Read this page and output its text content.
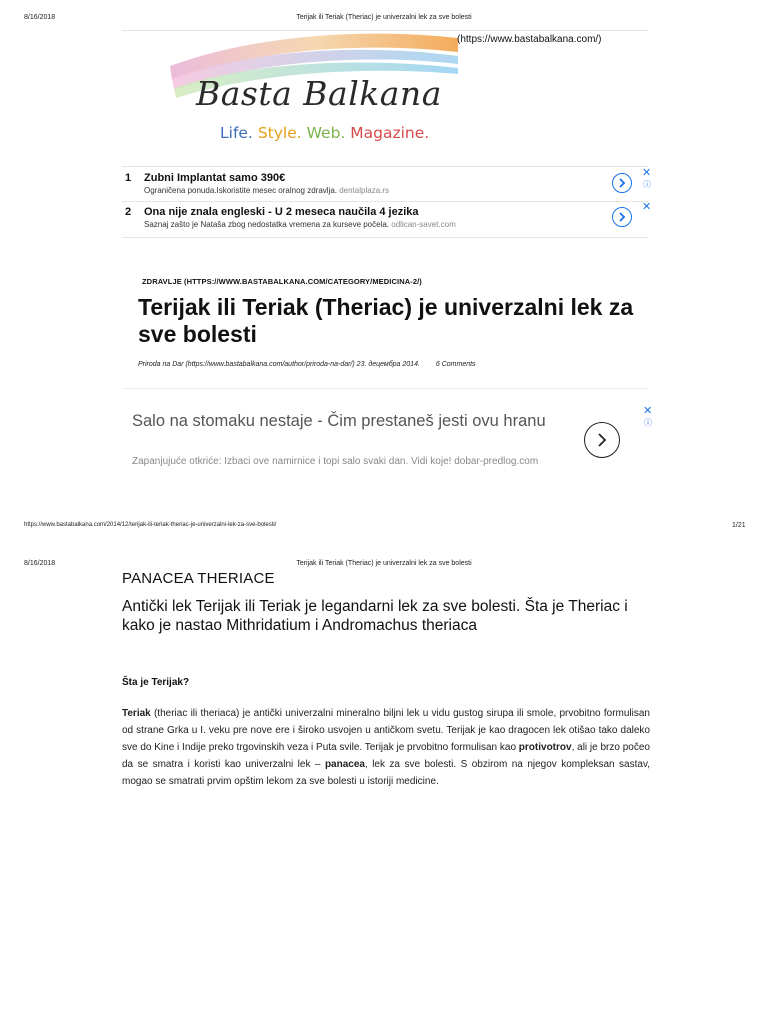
8/16/2018	Terijak ili Teriak (Theriac) je univerzalni lek za sve bolesti
Basta Balkana
Life. Style. Web. Magazine.
(https://www.bastabalkana.com/)
1 Zubni Implantat samo 390€
Ograničena ponuda.Iskoristite mesec oralnog zdravlja. dentalplaza.rs
✕
ⓘ
2 Ona nije znala engleski - U 2 meseca naučila 4 jezika
Saznaj zašto je Nataša zbog nedostatka vremena za kurseve počela. odlican-savet.com
✕
ZDRAVLJE (HTTPS://WWW.BASTABALKANA.COM/CATEGORY/MEDICINA-2/)
Terijak ili Teriak (Theriac) je univerzalni lek za sve bolesti
Priroda na Dar (https://www.bastabalkana.com/author/priroda-na-dar/) 23. децембра 2014. 6 Comments
Salo na stomaku nestaje - Čim prestaneš jesti ovu hranu
Zapanjujuće otkriće: Izbaci ove namirnice i topi salo svaki dan. Vidi koje! dobar-predlog.com
✕
ⓘ
https://www.bastabalkana.com/2014/12/terijak-ili-teriak-theriac-je-univerzalni-lek-za-sve-bolesti/	1/21
8/16/2018	Terijak ili Teriak (Theriac) je univerzalni lek za sve bolesti
PANACEA THERIACE
Antički lek Terijak ili Teriak je legandarni lek za sve bolesti. Šta je Theriac i kako je nastao Mithridatium i Andromachus theriaca
Šta je Terijak?
Teriak (theriac ili theriaca) je antički univerzalni mineralno biljni lek u vidu gustog sirupa ili smole, prvobitno formulisan od strane Grka u I. veku pre nove ere i široko usvojen u antičkom svetu. Terijak je kao dragocen lek otišao tako daleko sve do Kine i Indije preko trgovinskih veza i Puta svile. Terijak je prvobitno formulisan kao protivotrov, ali je brzo počeo da se smatra i koristi kao univerzalni lek – panacea, lek za sve bolesti. S obzirom na njegov kompleksan sastav, mogao se smatrati prvim opštim lekom za sve bolesti u istoriji medicine.
